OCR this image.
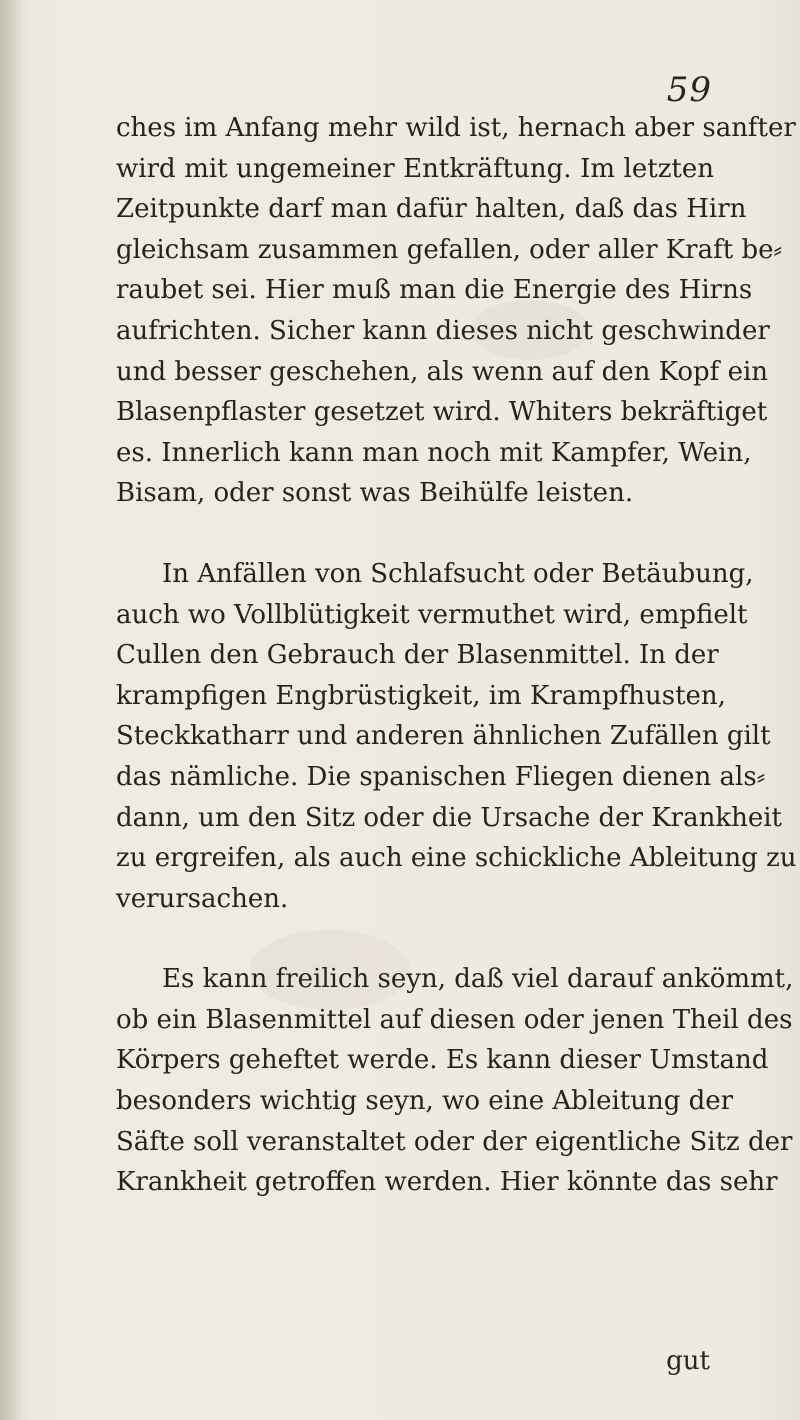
59

ches im Anfang mehr wild ist, hernach aber sanfter
wird mit ungemeiner Entkräftung. Im letzten
Zeitpunkte darf man dafür halten, daß das Hirn
gleichsam zusammen gefallen, oder aller Kraft be⸗
raubet sei. Hier muß man die Energie des Hirns
aufrichten. Sicher kann dieses nicht geschwinder
und besser geschehen, als wenn auf den Kopf ein
Blasenpflaster gesetzet wird. Whiters bekräftiget
es. Innerlich kann man noch mit Kampfer, Wein,
Bisam, oder sonst was Beihülfe leisten.

In Anfällen von Schlafsucht oder Betäubung,
auch wo Vollblütigkeit vermuthet wird, empfielt
Cullen den Gebrauch der Blasenmittel. In der
krampfigen Engbrüstigkeit, im Krampfhusten,
Steckkatharr und anderen ähnlichen Zufällen gilt
das nämliche. Die spanischen Fliegen dienen als⸗
dann, um den Sitz oder die Ursache der Krankheit
zu ergreifen, als auch eine schickliche Ableitung zu
verursachen.

Es kann freilich seyn, daß viel darauf ankömmt,
ob ein Blasenmittel auf diesen oder jenen Theil des
Körpers geheftet werde. Es kann dieser Umstand
besonders wichtig seyn, wo eine Ableitung der
Säfte soll veranstaltet oder der eigentliche Sitz der
Krankheit getroffen werden. Hier könnte das sehr

gut
